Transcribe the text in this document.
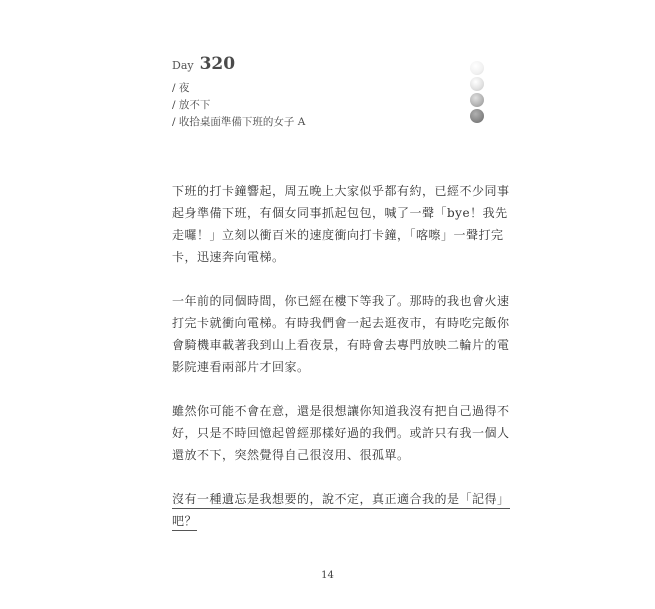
Day 320
/ 夜
/ 放不下
/ 收拾桌面準備下班的女子 A

下班的打卡鐘響起，周五晚上大家似乎都有約，已經不少同事
起身準備下班，有個女同事抓起包包，喊了一聲「bye！我先
走囉！」立刻以衝百米的速度衝向打卡鐘，「喀嚓」一聲打完
卡，迅速奔向電梯。

一年前的同個時間，你已經在樓下等我了。那時的我也會火速
打完卡就衝向電梯。有時我們會一起去逛夜市，有時吃完飯你
會騎機車載著我到山上看夜景，有時會去專門放映二輪片的電
影院連看兩部片才回家。

雖然你可能不會在意，還是很想讓你知道我沒有把自己過得不
好，只是不時回憶起曾經那樣好過的我們。或許只有我一個人
還放不下，突然覺得自己很沒用、很孤單。

沒有一種遺忘是我想要的，說不定，真正適合我的是「記得」
吧？

14
